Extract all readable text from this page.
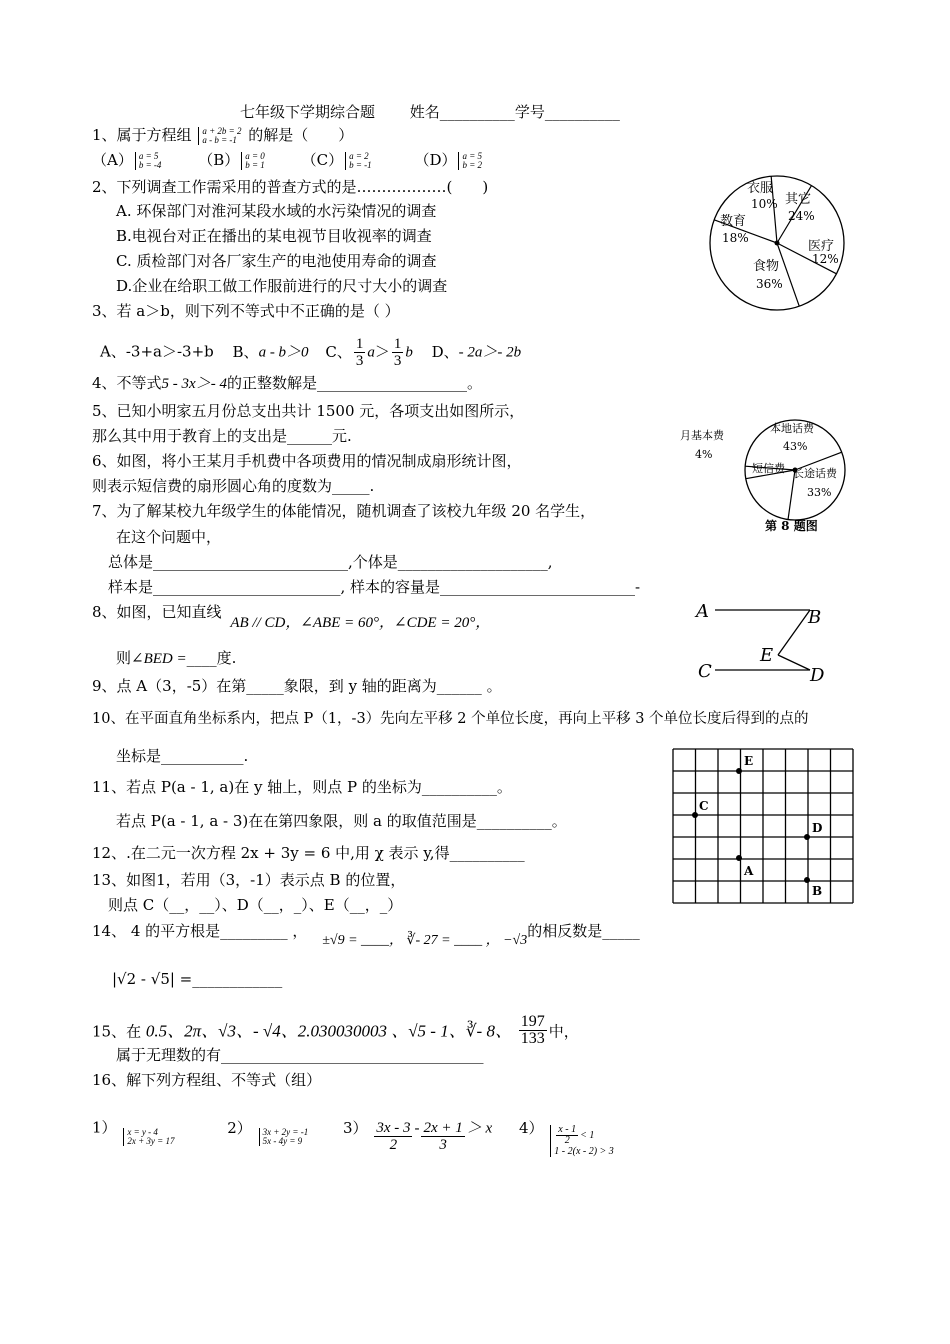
七年级下学期综合题 姓名__________学号__________
1、属于方程组 a + 2b = 2
a - b = -1 的解是（　　）
（A） a = 5
b = -4 （B） a = 0
b = 1 （C） a = 2
b = -1	（D） a = 5
b = 2
2、下列调查工作需采用的普查方式的是………………(　　)
A. 环保部门对淮河某段水域的水污染情况的调查
B.电视台对正在播出的某电视节目收视率的调查
C. 质检部门对各厂家生产的电池使用寿命的调查
D.企业在给职工做工作服前进行的尺寸大小的调查
衣服
10% 其它
24%
医疗
12%
教育
18%
食物
36%
3、若 a＞b，则下列不等式中不正确的是（ ）
A、-3+a＞-3+b B、a - b＞0 C、 $\frac{1}{3} a> \frac{1}{3}$ b D、- 2a＞- 2b
4、不等式5 - 3x＞- 4的正整数解是____________________。
5、已知小明家五月份总支出共计 1500 元，各项支出如图所示，
那么其中用于教育上的支出是______元.	月基本费
4%
本地话费
43%
短信费 长途话费
33%
第 8 题图
6、如图，将小王某月手机费中各项费用的情况制成扇形统计图，
则表示短信费的扇形圆心角的度数为_____.
7、为了解某校九年级学生的体能情况，随机调查了该校九年级 20 名学生，
在这个问题中，
总体是__________________________,个体是____________________,
样本是_________________________, 样本的容量是__________________________-
8、如图，已知直线 AB // CD，∠ABE = 60°，∠CDE = 20°，
则∠BED =____度.
A	B
C	D
E
9、点 A（3，-5）在第_____象限，到 y 轴的距离为______ 。
10、在平面直角坐标系内，把点 P（1，-3）先向左平移 2 个单位长度，再向上平移 3 个单位长度后得到的点的
坐标是___________.	E
C
D
A
B
11、若点 P(a - 1, a)在 y 轴上，则点 P 的坐标为__________。
若点 P(a - 1, a - 3)在在第四象限，则 a 的取值范围是__________。
12、.在二元一次方程 2x + 3y = 6 中,用 χ 表示 y,得__________
13、如图1，若用（3，-1）表示点 B 的位置，
则点 C（__，__）、D（__，_）、E（__，_）
14、 4 的平方根是_________ ， ±√9 = ____， ∛- 27 = ____ ， −√3的相反数是_____
|√2 - √5| =____________
15、在 0.5、2π、√3、- √4、2.030030003 、√5 - 1、∛- 8、 $\frac{197}{133}$ 中，
属于无理数的有___________________________________
16、解下列方程组、不等式（组）
1） x = y - 4
2x + 3y = 17 2） 3x + 2y = -1
5x - 4y = 9 $3) \frac{3x - 3}{2} - \frac{2x + 1}{3} > x$ $4) \frac{x - 1}{2} < 1$
1 - 2(x - 2) > 3
